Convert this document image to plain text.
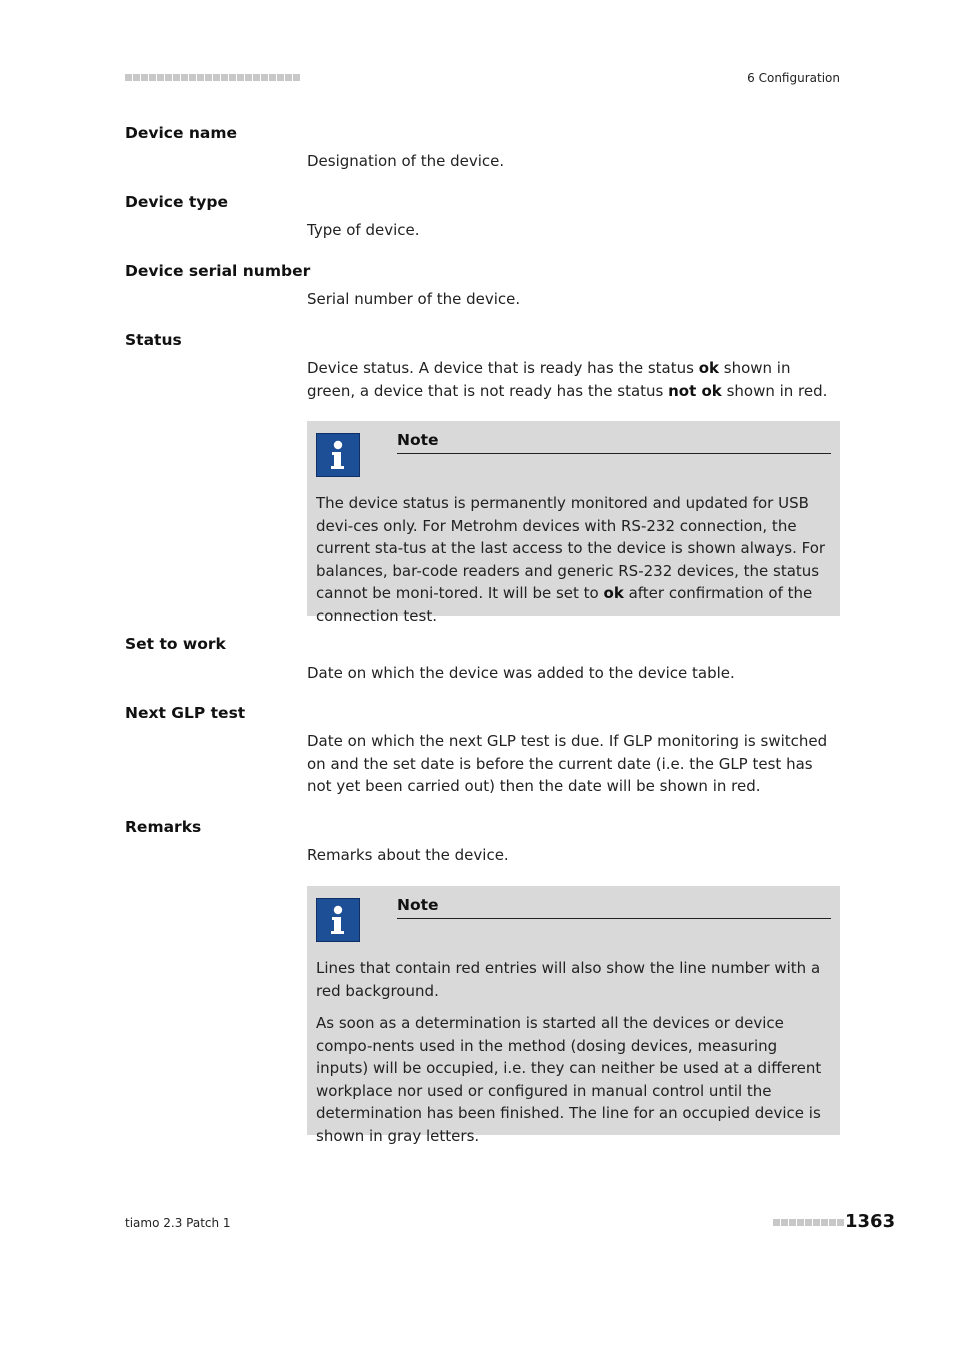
6 Configuration
Device name
Designation of the device.
Device type
Type of device.
Device serial number
Serial number of the device.
Status
Device status. A device that is ready has the status ok shown in green, a device that is not ready has the status not ok shown in red.
Note

The device status is permanently monitored and updated for USB devi-ces only. For Metrohm devices with RS-232 connection, the current sta-tus at the last access to the device is shown always. For balances, bar-code readers and generic RS-232 devices, the status cannot be moni-tored. It will be set to ok after confirmation of the connection test.

Set to work
Date on which the device was added to the device table.
Next GLP test
Date on which the next GLP test is due. If GLP monitoring is switched on and the set date is before the current date (i.e. the GLP test has not yet been carried out) then the date will be shown in red.
Remarks
Remarks about the device.
Note

Lines that contain red entries will also show the line number with a red background.

As soon as a determination is started all the devices or device compo-nents used in the method (dosing devices, measuring inputs) will be occupied, i.e. they can neither be used at a different workplace nor used or configured in manual control until the determination has been finished. The line for an occupied device is shown in gray letters.

tiamo 2.3 Patch 1	1363
